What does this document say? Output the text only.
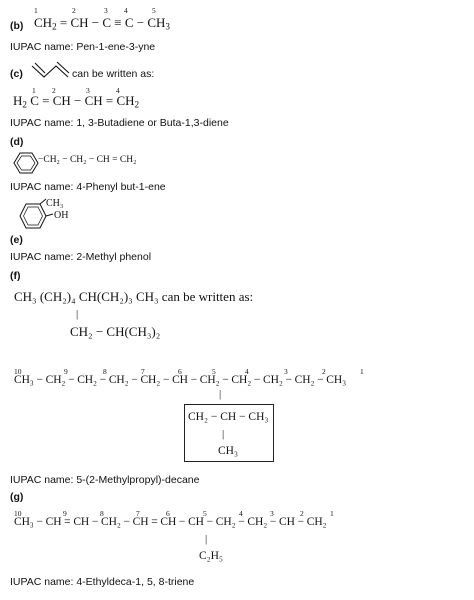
(b)
1	2	3 4	5
$CH_2$ = CH − $C \equiv C - CH_3$
IUPAC name: Pen-1-ene-3-yne
(c)	can be written as:
1 2	3	4
$H_2$ C = CH − CH = $CH_2$
IUPAC name: 1, 3-Butadiene or Buta-1,3-diene
(d)
−CH₂ − CH₂ − CH = CH₂
IUPAC name: 4-Phenyl but-1-ene
CH₃
OH
(e)
IUPAC name: 2-Methyl phenol
(f)
CH₃ (CH₂)₄ CH(CH₂)₃ CH₃ can be written as:
|
CH₂ − CH(CH₃)₂
10	9	8	7	6	5	4	3	2	1
CH₃ − CH₂ − CH₂ − CH₂ − CH₂ − CH − CH₂ − CH₂ − CH₂ − CH₂ − CH₃
|
CH₂ − CH − CH₃
|
CH₃
IUPAC name: 5-(2-Methylpropyl)-decane
(g)
10	9	8	7	6	5	4	3	2	1
CH₃ − CH = CH − CH₂ − CH = CH − CH − CH₂ − CH₂ − CH − CH₂
|
C₂H₅
IUPAC name: 4-Ethyldeca-1, 5, 8-triene
